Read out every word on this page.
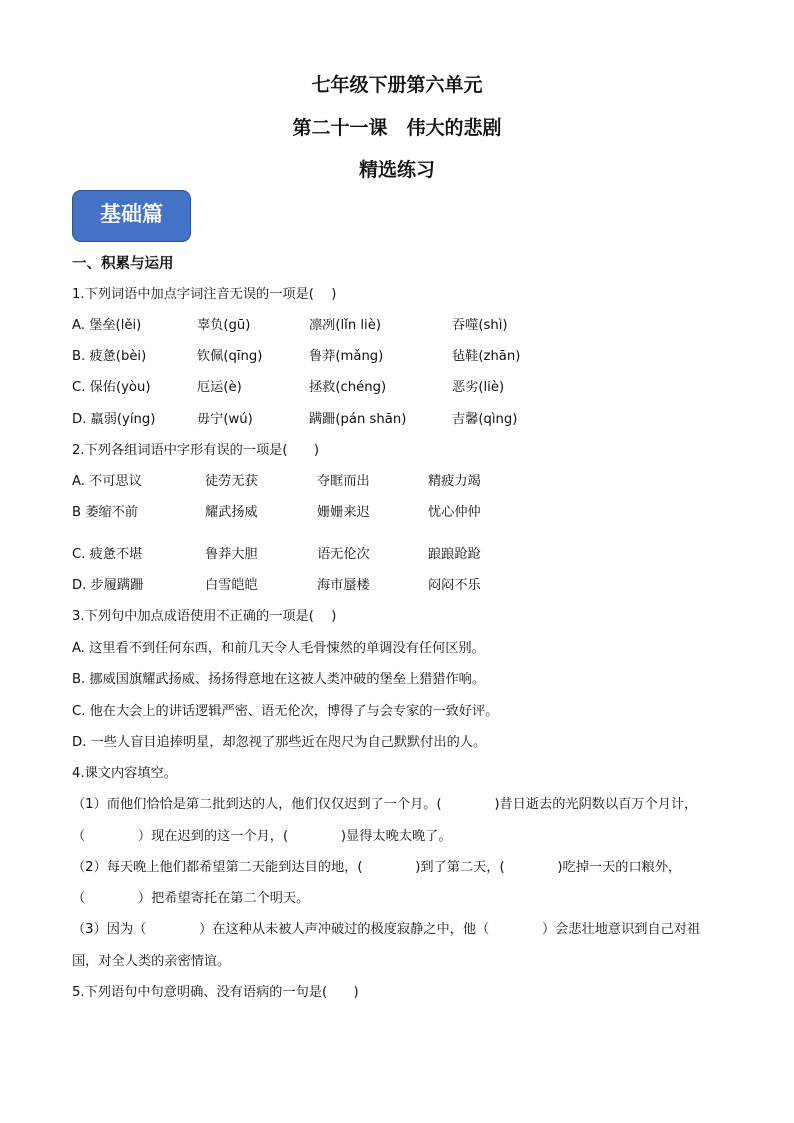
七年级下册第六单元
第二十一课　伟大的悲剧
精选练习
基础篇
一、积累与运用
1.下列词语中加点字词注音无误的一项是(　 )
A. 堡垒(lěi)	辜负(gū)	凛冽(lǐn liè)	吞噬(shì)
B. 疲惫(bèi)	钦佩(qīng)	鲁莽(mǎng)	毡鞋(zhān)
C. 保佑(yòu)	厄运(è)	拯救(chéng)	恶劣(liè)
D. 羸弱(yíng)	毋宁(wú)	蹒跚(pán shān)	吉馨(qìng)
2.下列各组词语中字形有误的一项是(　　)
A. 不可思议	徒劳无获	夺眶而出	精疲力竭
B 萎缩不前	耀武扬威	姗姗来迟	忧心仲仲
C. 疲惫不堪	鲁莽大胆	语无伦次	踉踉跄跄
D. 步履蹒跚	白雪皑皑	海市蜃楼	闷闷不乐
3.下列句中加点成语使用不正确的一项是(　 )
A. 这里看不到任何东西，和前几天令人毛骨悚然的单调没有任何区别。
B. 挪威国旗耀武扬威、扬扬得意地在这被人类冲破的堡垒上猎猎作响。
C. 他在大会上的讲话逻辑严密、语无伦次，博得了与会专家的一致好评。
D. 一些人盲目追捧明星，却忽视了那些近在咫尺为自己默默付出的人。
4.课文内容填空。
（1）而他们恰恰是第二批到达的人，他们仅仅迟到了一个月。(　　　　)昔日逝去的光阴数以百万个月计，
（　　　　）现在迟到的这一个月，(　　　　)显得太晚太晚了。
（2）每天晚上他们都希望第二天能到达目的地，(　　　　)到了第二天，(　　　　)吃掉一天的口粮外，
（　　　　）把希望寄托在第二个明天。
（3）因为（　　　　）在这种从未被人声冲破过的极度寂静之中，他（　　　　）会悲壮地意识到自己对祖
国，对全人类的亲密情谊。
5.下列语句中句意明确、没有语病的一句是(　　)
